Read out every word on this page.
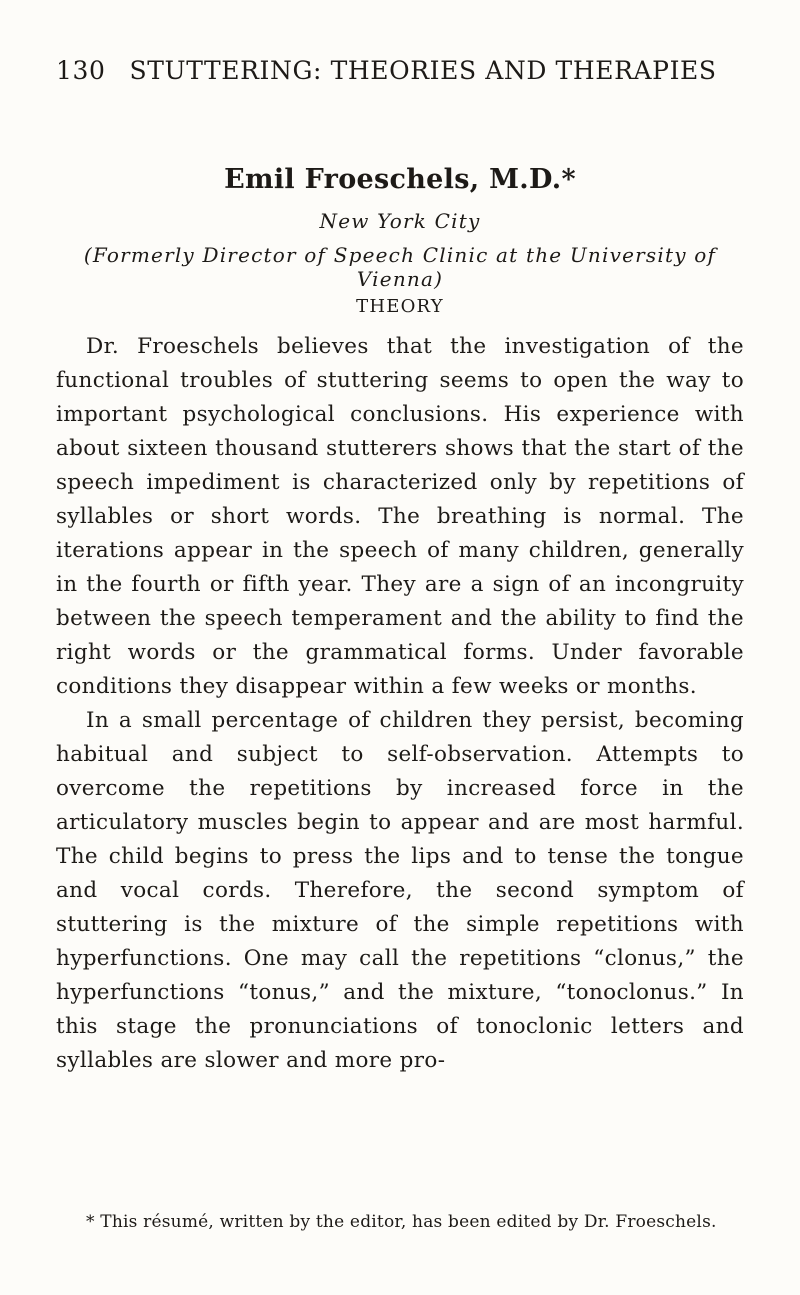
130 STUTTERING: THEORIES AND THERAPIES
Emil Froeschels, M.D.*
New York City
(Formerly Director of Speech Clinic at the University of Vienna)
THEORY

Dr. Froeschels believes that the investigation of the functional troubles of stuttering seems to open the way to important psychological conclusions. His experience with about sixteen thousand stutterers shows that the start of the speech impediment is characterized only by repetitions of syllables or short words. The breathing is normal. The iterations appear in the speech of many children, generally in the fourth or fifth year. They are a sign of an incongruity between the speech temperament and the ability to find the right words or the grammatical forms. Under favorable conditions they disappear within a few weeks or months.

In a small percentage of children they persist, becoming habitual and subject to self-observation. Attempts to overcome the repetitions by increased force in the articulatory muscles begin to appear and are most harmful. The child begins to press the lips and to tense the tongue and vocal cords. Therefore, the second symptom of stuttering is the mixture of the simple repetitions with hyperfunctions. One may call the repetitions “clonus,” the hyperfunctions “tonus,” and the mixture, “tonoclonus.” In this stage the pronunciations of tonoclonic letters and syllables are slower and more pro-

* This résumé, written by the editor, has been edited by Dr. Froeschels.
